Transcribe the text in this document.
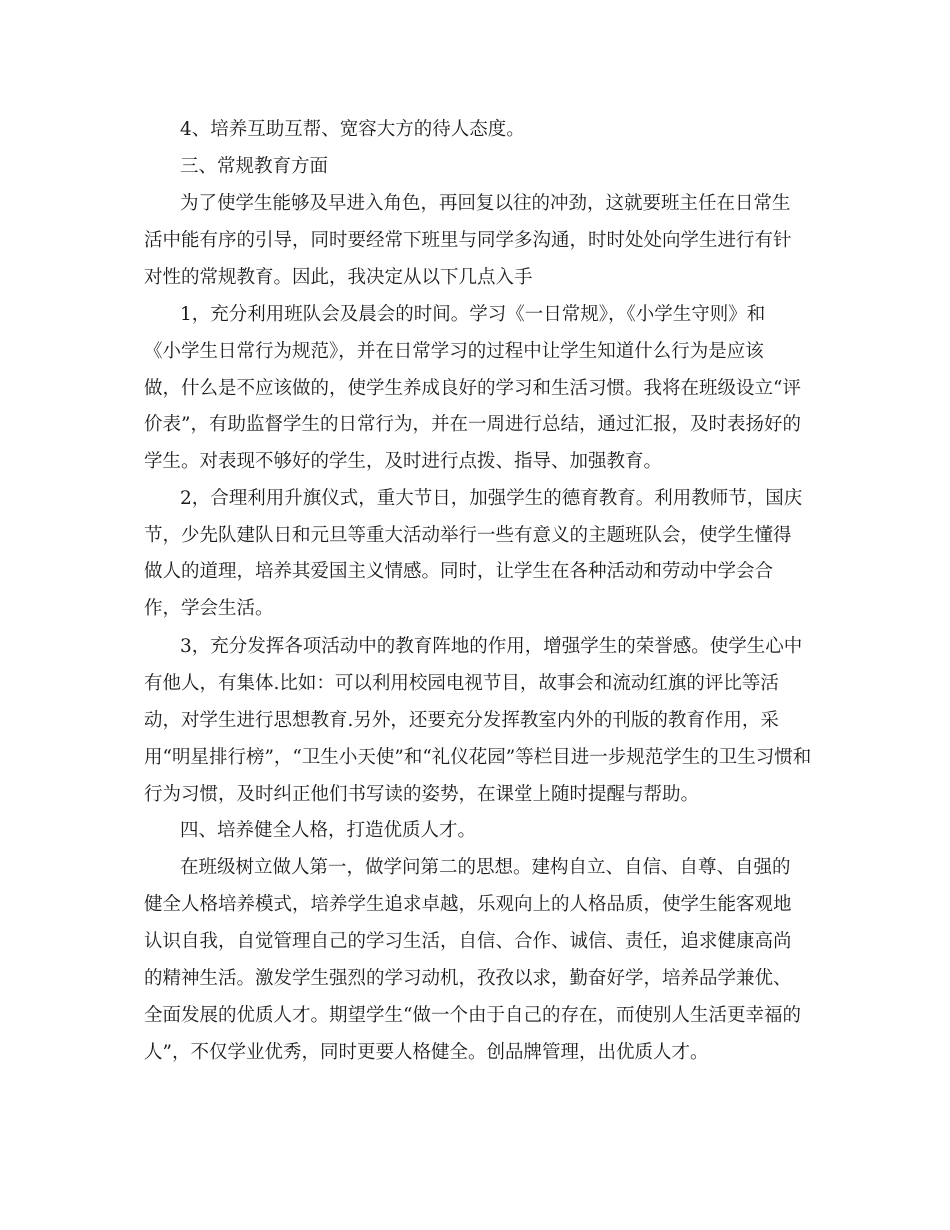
4、培养互助互帮、宽容大方的待人态度。

三、常规教育方面

为了使学生能够及早进入角色，再回复以往的冲劲，这就要班主任在日常生

活中能有序的引导，同时要经常下班里与同学多沟通，时时处处向学生进行有针

对性的常规教育。因此，我决定从以下几点入手

1，充分利用班队会及晨会的时间。学习《一日常规》，《小学生守则》和

《小学生日常行为规范》，并在日常学习的过程中让学生知道什么行为是应该

做，什么是不应该做的，使学生养成良好的学习和生活习惯。我将在班级设立“评

价表”，有助监督学生的日常行为，并在一周进行总结，通过汇报，及时表扬好的

学生。对表现不够好的学生，及时进行点拨、指导、加强教育。

2，合理利用升旗仪式，重大节日，加强学生的德育教育。利用教师节，国庆

节，少先队建队日和元旦等重大活动举行一些有意义的主题班队会，使学生懂得

做人的道理，培养其爱国主义情感。同时，让学生在各种活动和劳动中学会合

作，学会生活。

3，充分发挥各项活动中的教育阵地的作用，增强学生的荣誉感。使学生心中

有他人，有集体.比如：可以利用校园电视节目，故事会和流动红旗的评比等活

动，对学生进行思想教育.另外，还要充分发挥教室内外的刊版的教育作用，采

用“明星排行榜”，“卫生小天使”和“礼仪花园”等栏目进一步规范学生的卫生习惯和

行为习惯，及时纠正他们书写读的姿势，在课堂上随时提醒与帮助。

四、培养健全人格，打造优质人才。

在班级树立做人第一，做学问第二的思想。建构自立、自信、自尊、自强的

健全人格培养模式，培养学生追求卓越，乐观向上的人格品质，使学生能客观地

认识自我，自觉管理自己的学习生活，自信、合作、诚信、责任，追求健康高尚

的精神生活。激发学生强烈的学习动机，孜孜以求，勤奋好学，培养品学兼优、

全面发展的优质人才。期望学生“做一个由于自己的存在，而使别人生活更幸福的

人”，不仅学业优秀，同时更要人格健全。创品牌管理，出优质人才。
